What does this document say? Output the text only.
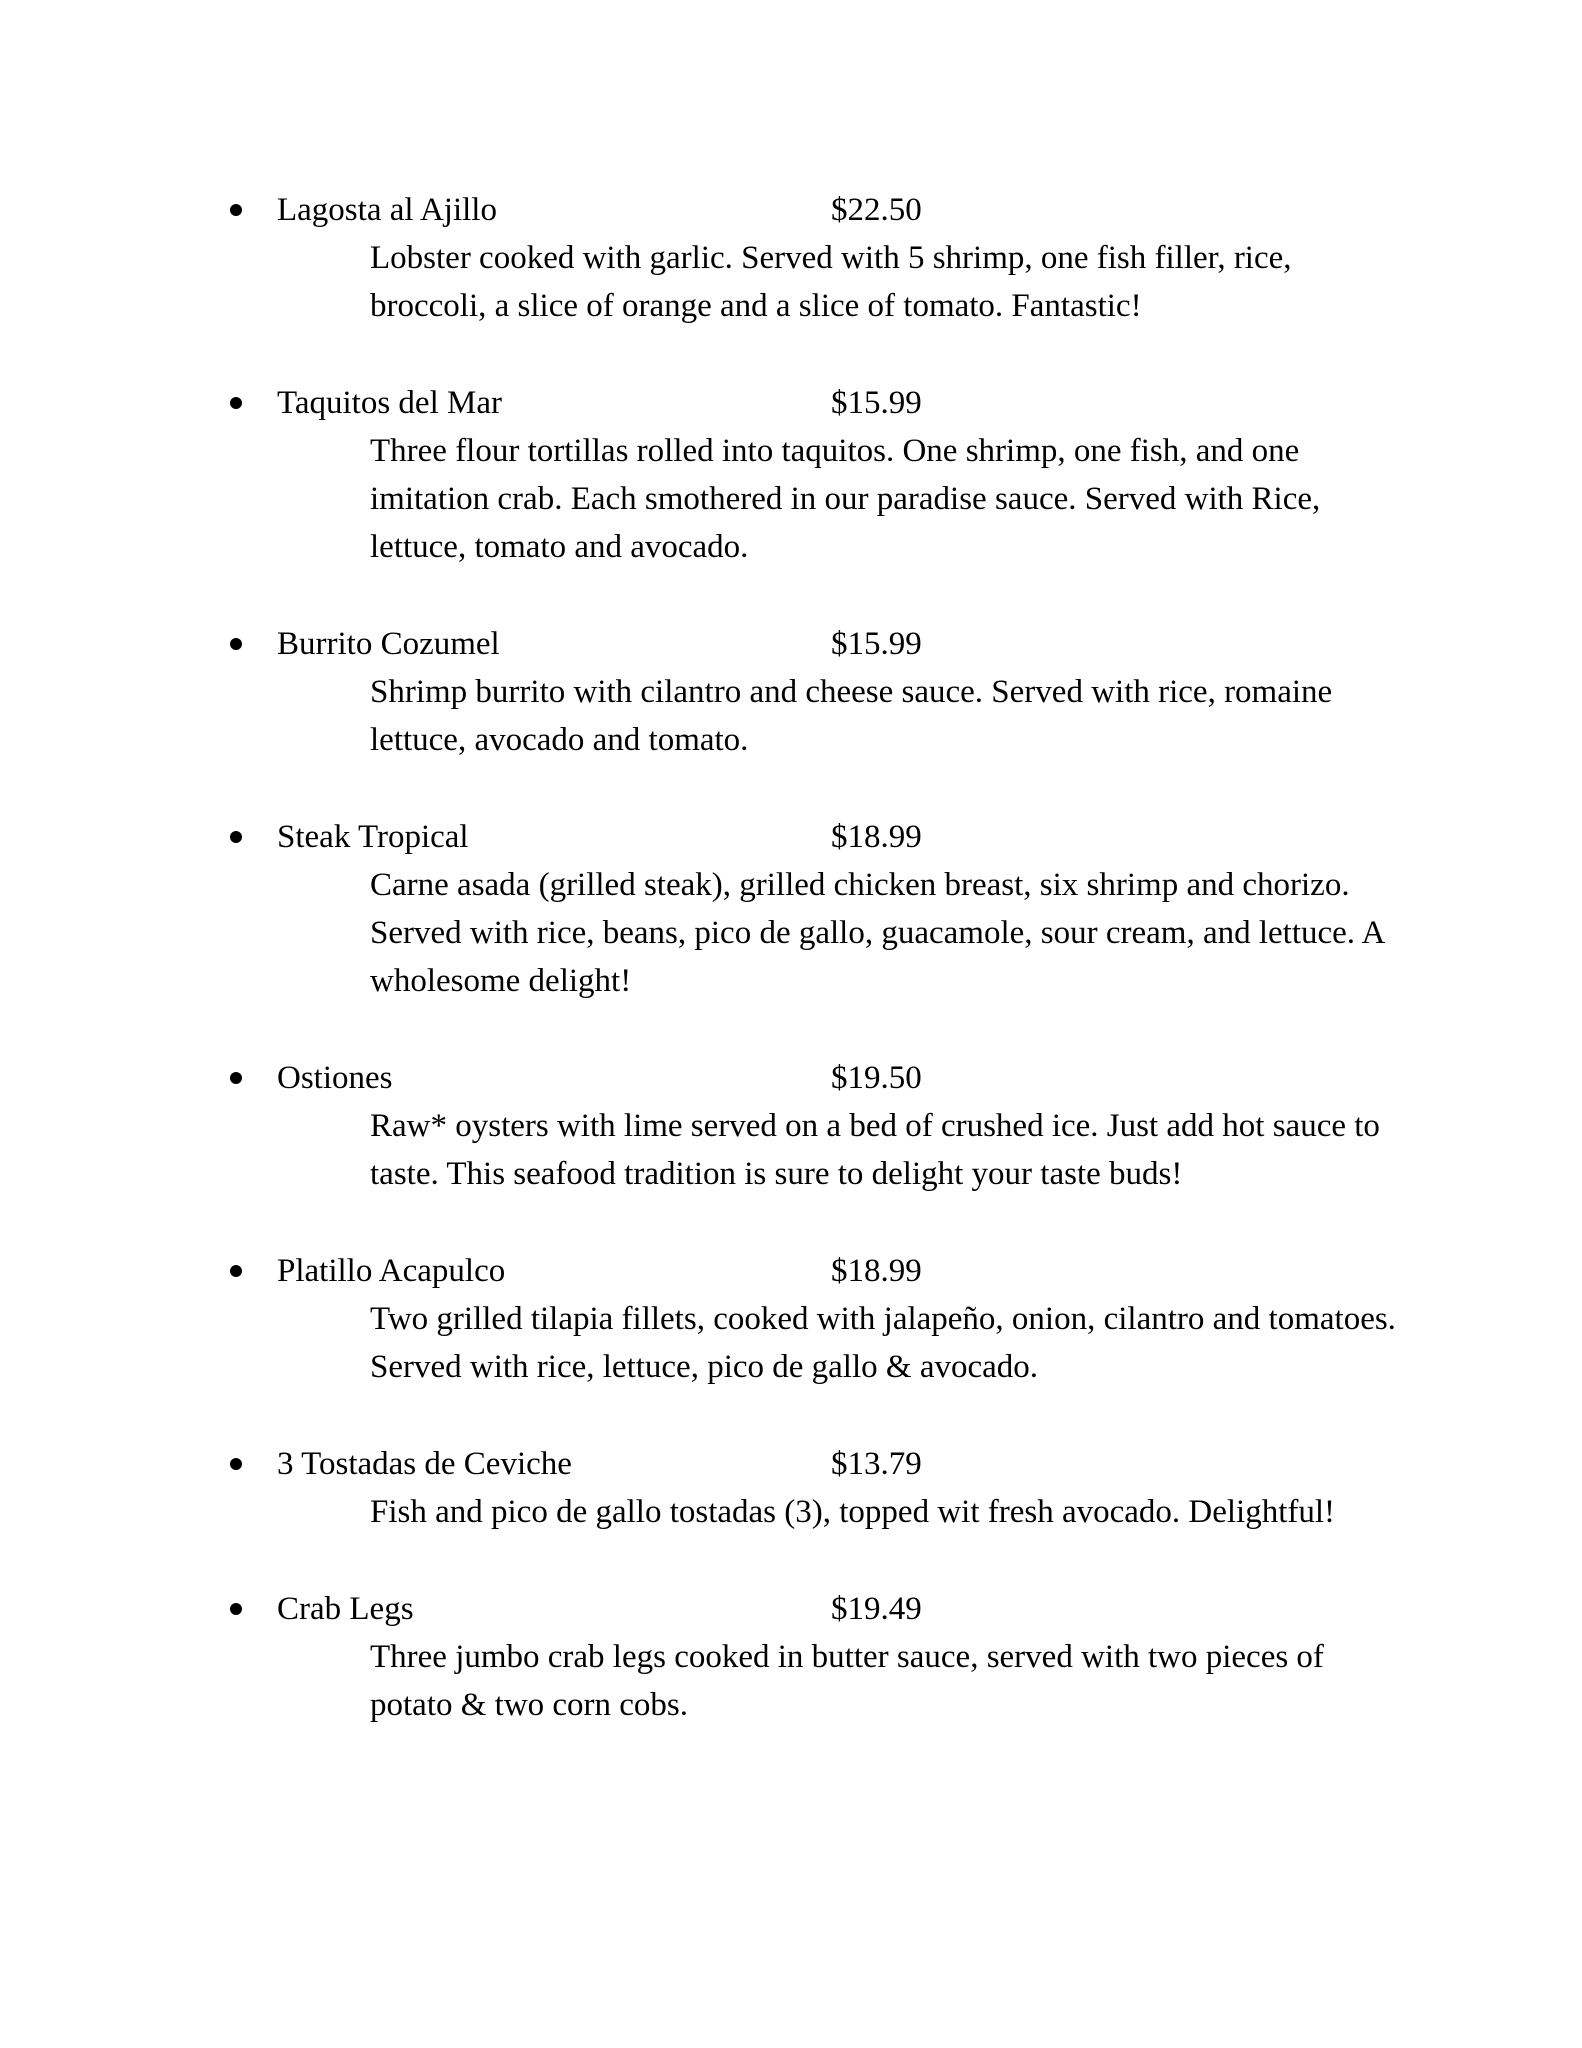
Lagosta al Ajillo	$22.50
Lobster cooked with garlic. Served with 5 shrimp, one fish filler, rice, broccoli, a slice of orange and a slice of tomato. Fantastic!
Taquitos del Mar	$15.99
Three flour tortillas rolled into taquitos. One shrimp, one fish, and one imitation crab. Each smothered in our paradise sauce. Served with Rice, lettuce, tomato and avocado.
Burrito Cozumel	$15.99
Shrimp burrito with cilantro and cheese sauce. Served with rice, romaine lettuce, avocado and tomato.
Steak Tropical	$18.99
Carne asada (grilled steak), grilled chicken breast, six shrimp and chorizo. Served with rice, beans, pico de gallo, guacamole, sour cream, and lettuce. A wholesome delight!
Ostiones	$19.50
Raw* oysters with lime served on a bed of crushed ice. Just add hot sauce to taste. This seafood tradition is sure to delight your taste buds!
Platillo Acapulco	$18.99
Two grilled tilapia fillets, cooked with jalapeño, onion, cilantro and tomatoes. Served with rice, lettuce, pico de gallo & avocado.
3 Tostadas de Ceviche	$13.79
Fish and pico de gallo tostadas (3), topped wit fresh avocado. Delightful!
Crab Legs	$19.49
Three jumbo crab legs cooked in butter sauce, served with two pieces of potato & two corn cobs.
